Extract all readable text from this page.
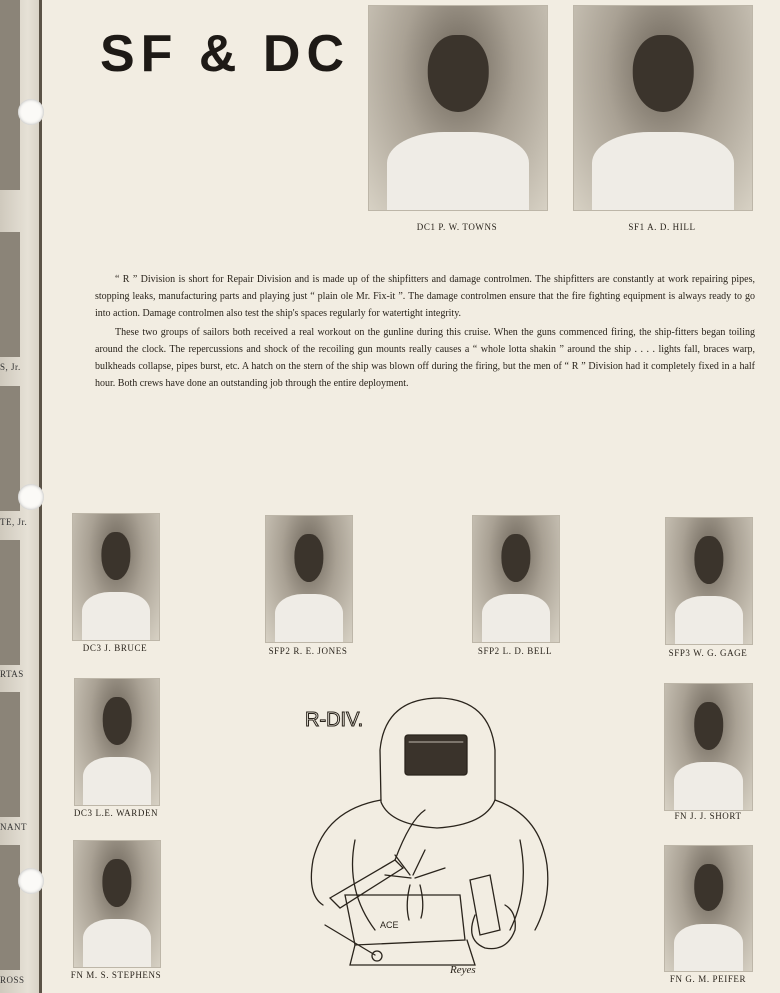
S, Jr.
TE, Jr.
RTAS
NANT
ROSS
SF & DC
DC1 P. W. TOWNS	SF1 A. D. HILL

“ R ” Division is short for Repair Division and is made up of the shipfitters and damage controlmen. The shipfitters are constantly at work repairing pipes, stopping leaks, manufacturing parts and playing just “ plain ole Mr. Fix-it ”. The damage controlmen ensure that the fire fighting equipment is always ready to go into action. Damage controlmen also test the ship's spaces regularly for watertight integrity.

These two groups of sailors both received a real workout on the gunline during this cruise. When the guns commenced firing, the ship-fitters began toiling around the clock. The repercussions and shock of the recoiling gun mounts really causes a “ whole lotta shakin ” around the ship . . . . lights fall, braces warp, bulkheads collapse, pipes burst, etc. A hatch on the stern of the ship was blown off during the firing, but the men of “ R ” Division had it completely fixed in a half hour. Both crews have done an outstanding job through the entire deployment.

DC3 J. BRUCE	SFP2 R. E. JONES	SFP2 L. D. BELL	SFP3 W. G. GAGE
DC3 L.E. WARDEN
FN M. S. STEPHENS
FN J. J. SHORT
FN G. M. PEIFER
R-DIV.
ACE
Reyes
